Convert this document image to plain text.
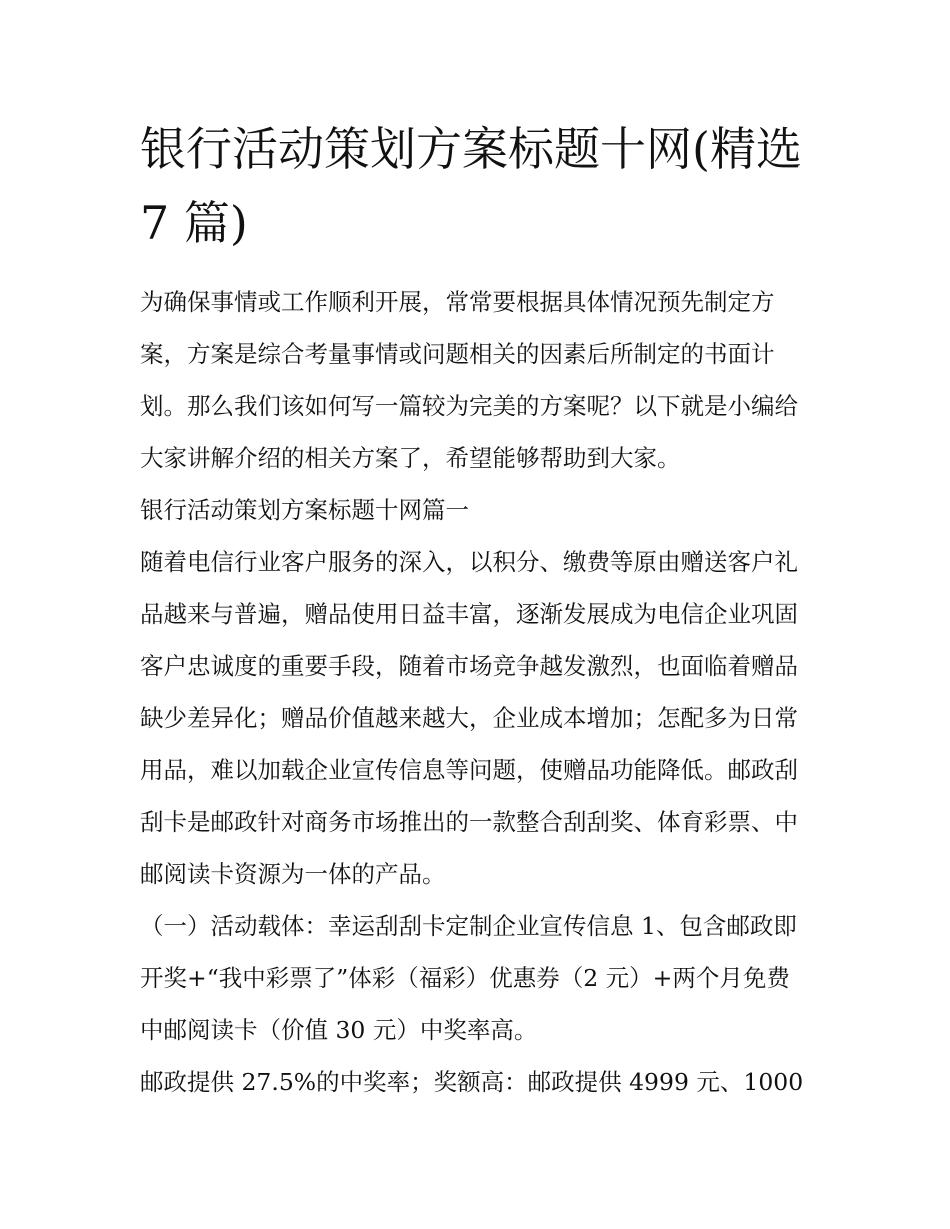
银行活动策划方案标题十网(精选 7 篇)

为确保事情或工作顺利开展，常常要根据具体情况预先制定方案，方案是综合考量事情或问题相关的因素后所制定的书面计划。那么我们该如何写一篇较为完美的方案呢？以下就是小编给大家讲解介绍的相关方案了，希望能够帮助到大家。

银行活动策划方案标题十网篇一

随着电信行业客户服务的深入，以积分、缴费等原由赠送客户礼品越来与普遍，赠品使用日益丰富，逐渐发展成为电信企业巩固客户忠诚度的重要手段，随着市场竞争越发激烈，也面临着赠品缺少差异化；赠品价值越来越大，企业成本增加；怎配多为日常用品，难以加载企业宣传信息等问题，使赠品功能降低。邮政刮刮卡是邮政针对商务市场推出的一款整合刮刮奖、体育彩票、中邮阅读卡资源为一体的产品。

（一）活动载体：幸运刮刮卡定制企业宣传信息 1、包含邮政即开奖+“我中彩票了”体彩（福彩）优惠券（2 元）+两个月免费中邮阅读卡（价值 30 元）中奖率高。

邮政提供 27.5%的中奖率；奖额高：邮政提供 4999 元、1000
